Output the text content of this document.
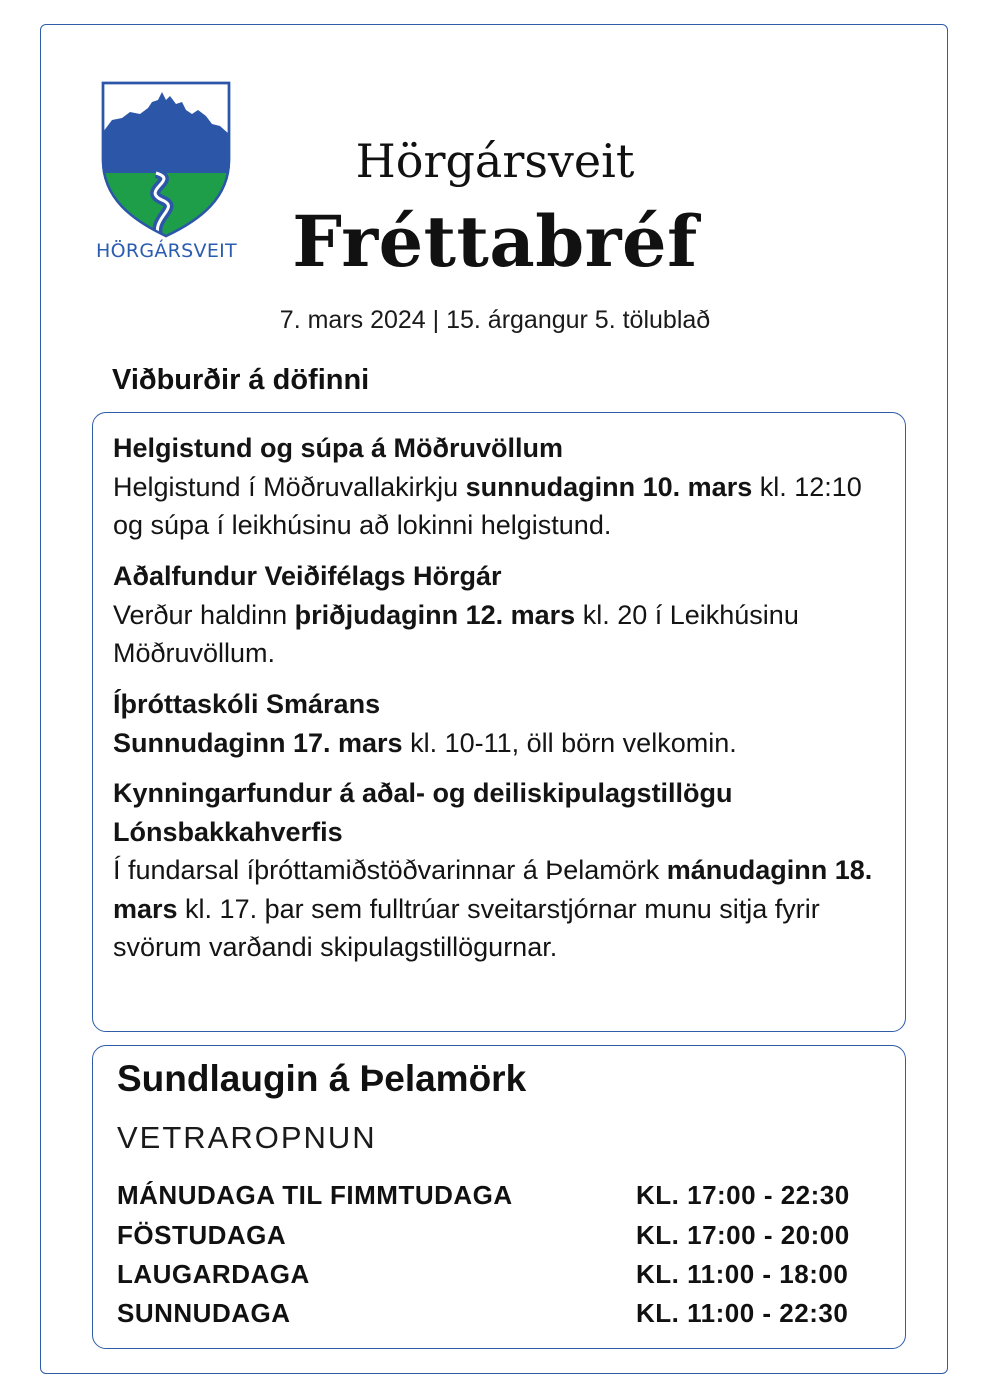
HÖRGÁRSVEIT
Hörgársveit
Fréttabréf
7. mars 2024 | 15. árgangur 5. tölublað
Viðburðir á döfinni
Helgistund og súpa á Möðruvöllum
Helgistund í Möðruvallakirkju sunnudaginn 10. mars kl. 12:10 og súpa í leikhúsinu að lokinni helgistund.
Aðalfundur Veiðifélags Hörgár
Verður haldinn þriðjudaginn 12. mars kl. 20 í Leikhúsinu Möðruvöllum.
Íþróttaskóli Smárans
Sunnudaginn 17. mars kl. 10-11, öll börn velkomin.
Kynningarfundur á aðal- og deiliskipulagstillögu Lónsbakkahverfis
Í fundarsal íþróttamiðstöðvarinnar á Þelamörk mánudaginn 18. mars kl. 17. þar sem fulltrúar sveitarstjórnar munu sitja fyrir svörum varðandi skipulagstillögurnar.
Sundlaugin á Þelamörk
VETRAROPNUN
MÁNUDAGA TIL FIMMTUDAGA	KL. 17:00 - 22:30
FÖSTUDAGA	KL. 17:00 - 20:00
LAUGARDAGA	KL. 11:00 - 18:00
SUNNUDAGA	KL. 11:00 - 22:30
